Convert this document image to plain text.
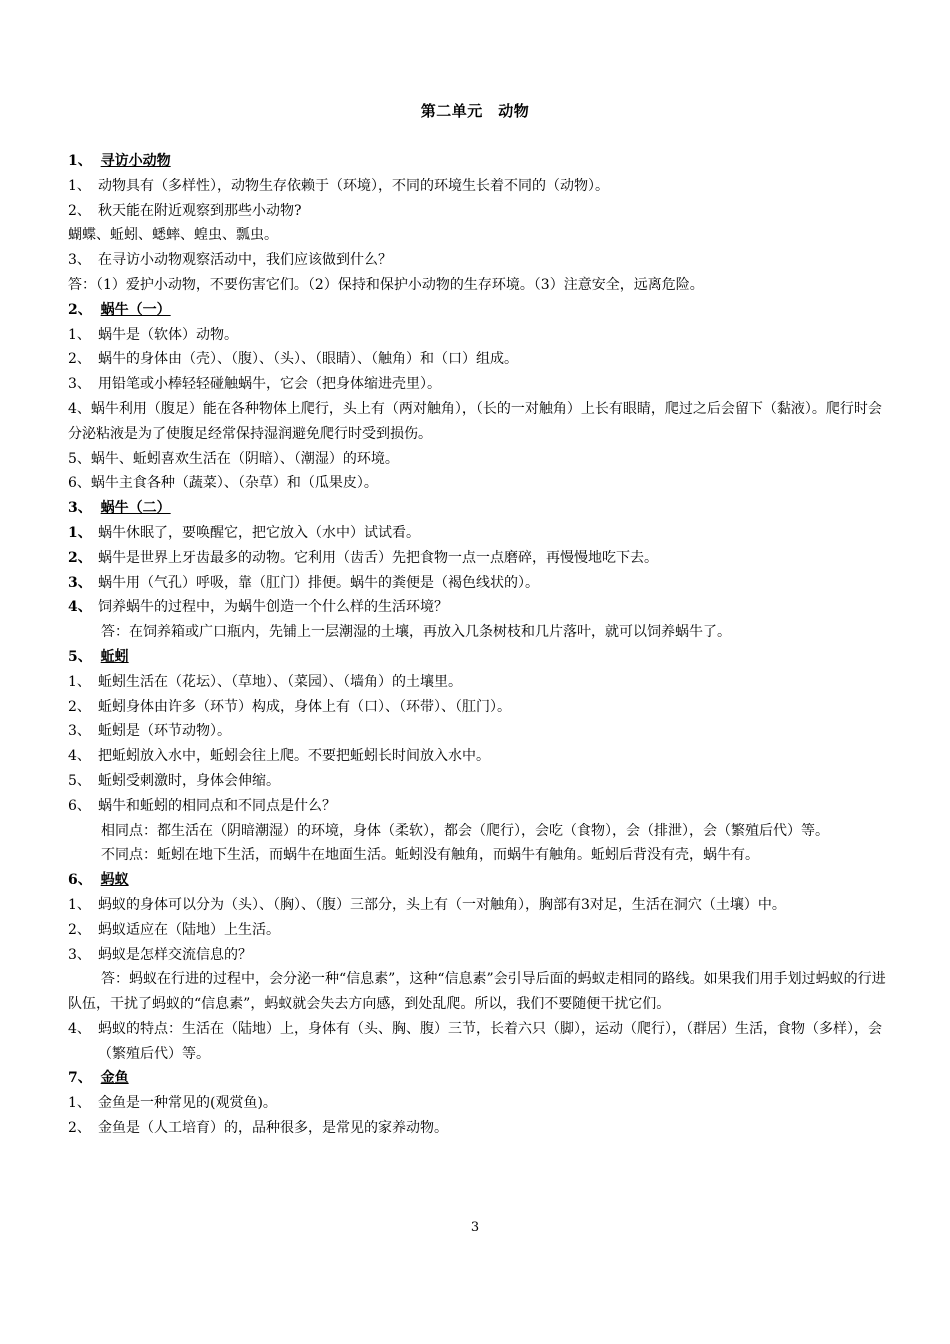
第二单元　动物
1、 寻访小动物
1、 动物具有（多样性），动物生存依赖于（环境），不同的环境生长着不同的（动物）。
2、 秋天能在附近观察到那些小动物?
蝴蝶、蚯蚓、蟋蟀、蝗虫、瓢虫。
3、 在寻访小动物观察活动中，我们应该做到什么？
答：（1）爱护小动物，不要伤害它们。（2）保持和保护小动物的生存环境。（3）注意安全，远离危险。
2、 蜗牛（一）
1、 蜗牛是（软体）动物。
2、 蜗牛的身体由（壳）、（腹）、（头）、（眼睛）、（触角）和（口）组成。
3、 用铅笔或小棒轻轻碰触蜗牛，它会（把身体缩进壳里）。
4、蜗牛利用（腹足）能在各种物体上爬行，头上有（两对触角），（长的一对触角）上长有眼睛，爬过之后会留下（黏液）。爬行时会分泌粘液是为了使腹足经常保持湿润避免爬行时受到损伤。
5、蜗牛、蚯蚓喜欢生活在（阴暗）、（潮湿）的环境。
6、蜗牛主食各种（蔬菜）、（杂草）和（瓜果皮）。
3、 蜗牛（二）
1、 蜗牛休眠了，要唤醒它，把它放入（水中）试试看。
2、 蜗牛是世界上牙齿最多的动物。它利用（齿舌）先把食物一点一点磨碎，再慢慢地吃下去。
3、 蜗牛用（气孔）呼吸，靠（肛门）排便。蜗牛的粪便是（褐色线状的）。
4、 饲养蜗牛的过程中，为蜗牛创造一个什么样的生活环境？
答：在饲养箱或广口瓶内，先铺上一层潮湿的土壤，再放入几条树枝和几片落叶，就可以饲养蜗牛了。
5、 蚯蚓
1、 蚯蚓生活在（花坛）、（草地）、（菜园）、（墙角）的土壤里。
2、 蚯蚓身体由许多（环节）构成，身体上有（口）、（环带）、（肛门）。
3、 蚯蚓是（环节动物）。
4、 把蚯蚓放入水中，蚯蚓会往上爬。不要把蚯蚓长时间放入水中。
5、 蚯蚓受刺激时，身体会伸缩。
6、 蜗牛和蚯蚓的相同点和不同点是什么？
相同点：都生活在（阴暗潮湿）的环境，身体（柔软），都会（爬行），会吃（食物），会（排泄），会（繁殖后代）等。
不同点：蚯蚓在地下生活，而蜗牛在地面生活。蚯蚓没有触角，而蜗牛有触角。蚯蚓后背没有壳，蜗牛有。
6、 蚂蚁
1、 蚂蚁的身体可以分为（头）、（胸）、（腹）三部分，头上有（一对触角），胸部有3对足，生活在洞穴（土壤）中。
2、 蚂蚁适应在（陆地）上生活。
3、 蚂蚁是怎样交流信息的？
答：蚂蚁在行进的过程中，会分泌一种“信息素”，这种“信息素”会引导后面的蚂蚁走相同的路线。如果我们用手划过蚂蚁的行进队伍，干扰了蚂蚁的“信息素”，蚂蚁就会失去方向感，到处乱爬。所以，我们不要随便干扰它们。
4、 蚂蚁的特点：生活在（陆地）上，身体有（头、胸、腹）三节，长着六只（脚），运动（爬行），（群居）生活，食物（多样），会（繁殖后代）等。
7、 金鱼
1、 金鱼是一种常见的(观赏鱼)。
2、 金鱼是（人工培育）的，品种很多，是常见的家养动物。
3
